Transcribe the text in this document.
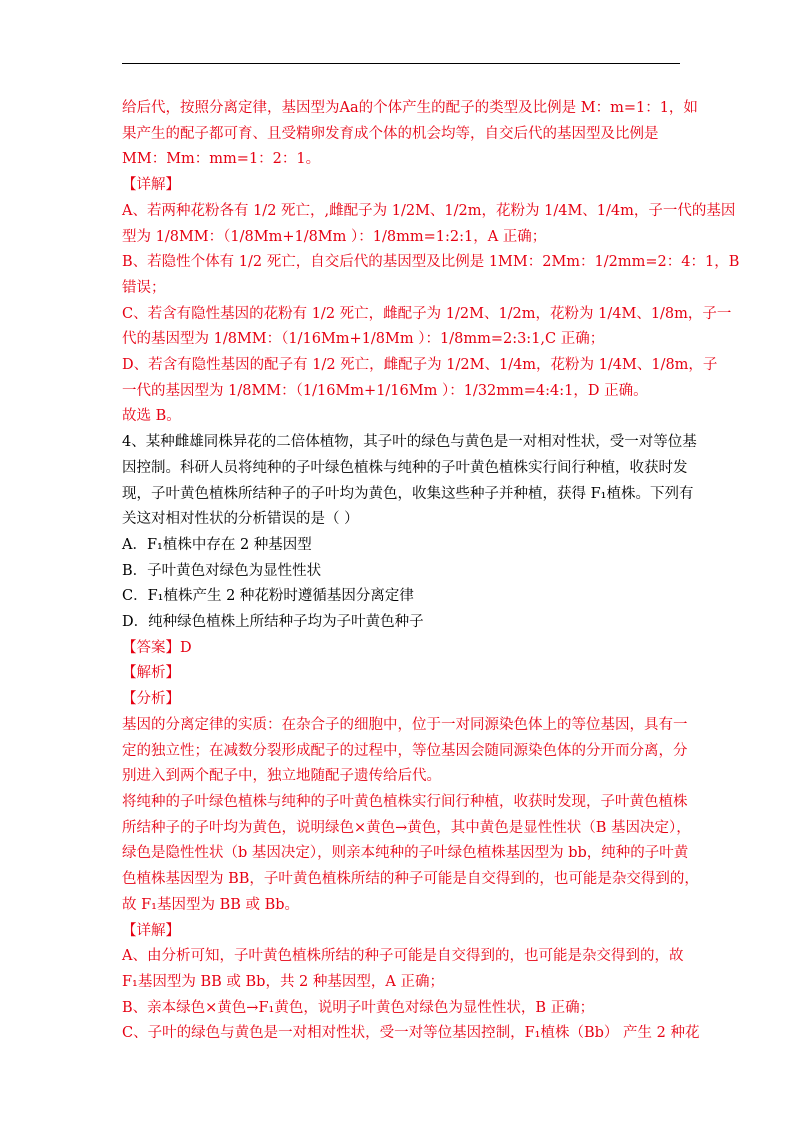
给后代，按照分离定律，基因型为Aa的个体产生的配子的类型及比例是 M：m=1：1，如

果产生的配子都可育、且受精卵发育成个体的机会均等，自交后代的基因型及比例是

MM：Mm：mm=1：2：1。

【详解】

A、若两种花粉各有 1/2 死亡，,雌配子为 1/2M、1/2m，花粉为 1/4M、1/4m，子一代的基因

型为 1/8MM：（1/8Mm+1/8Mm ）：1/8mm=1:2:1，A 正确；

B、若隐性个体有 1/2 死亡，自交后代的基因型及比例是 1MM：2Mm：1/2mm=2：4：1，B

错误；

C、若含有隐性基因的花粉有 1/2 死亡，雌配子为 1/2M、1/2m，花粉为 1/4M、1/8m，子一

代的基因型为 1/8MM：（1/16Mm+1/8Mm ）：1/8mm=2:3:1,C 正确；

D、若含有隐性基因的配子有 1/2 死亡，雌配子为 1/2M、1/4m，花粉为 1/4M、1/8m，子

一代的基因型为 1/8MM：（1/16Mm+1/16Mm ）：1/32mm=4:4:1，D 正确。

故选 B。

4、某种雌雄同株异花的二倍体植物，其子叶的绿色与黄色是一对相对性状，受一对等位基

因控制。科研人员将纯种的子叶绿色植株与纯种的子叶黄色植株实行间行种植，收获时发

现，子叶黄色植株所结种子的子叶均为黄色，收集这些种子并种植，获得 F₁植株。下列有

关这对相对性状的分析错误的是（ ）

A．F₁植株中存在 2 种基因型

B．子叶黄色对绿色为显性性状

C．F₁植株产生 2 种花粉时遵循基因分离定律

D．纯种绿色植株上所结种子均为子叶黄色种子

【答案】D

【解析】

【分析】

基因的分离定律的实质：在杂合子的细胞中，位于一对同源染色体上的等位基因，具有一

定的独立性；在减数分裂形成配子的过程中，等位基因会随同源染色体的分开而分离，分

别进入到两个配子中，独立地随配子遗传给后代。

将纯种的子叶绿色植株与纯种的子叶黄色植株实行间行种植，收获时发现，子叶黄色植株

所结种子的子叶均为黄色，说明绿色×黄色→黄色，其中黄色是显性性状（B 基因决定），

绿色是隐性性状（b 基因决定），则亲本纯种的子叶绿色植株基因型为 bb，纯种的子叶黄

色植株基因型为 BB，子叶黄色植株所结的种子可能是自交得到的，也可能是杂交得到的，

故 F₁基因型为 BB 或 Bb。

【详解】

A、由分析可知，子叶黄色植株所结的种子可能是自交得到的，也可能是杂交得到的，故

F₁基因型为 BB 或 Bb，共 2 种基因型，A 正确；

B、亲本绿色×黄色→F₁黄色，说明子叶黄色对绿色为显性性状，B 正确；

C、子叶的绿色与黄色是一对相对性状，受一对等位基因控制，F₁植株（Bb） 产生 2 种花
